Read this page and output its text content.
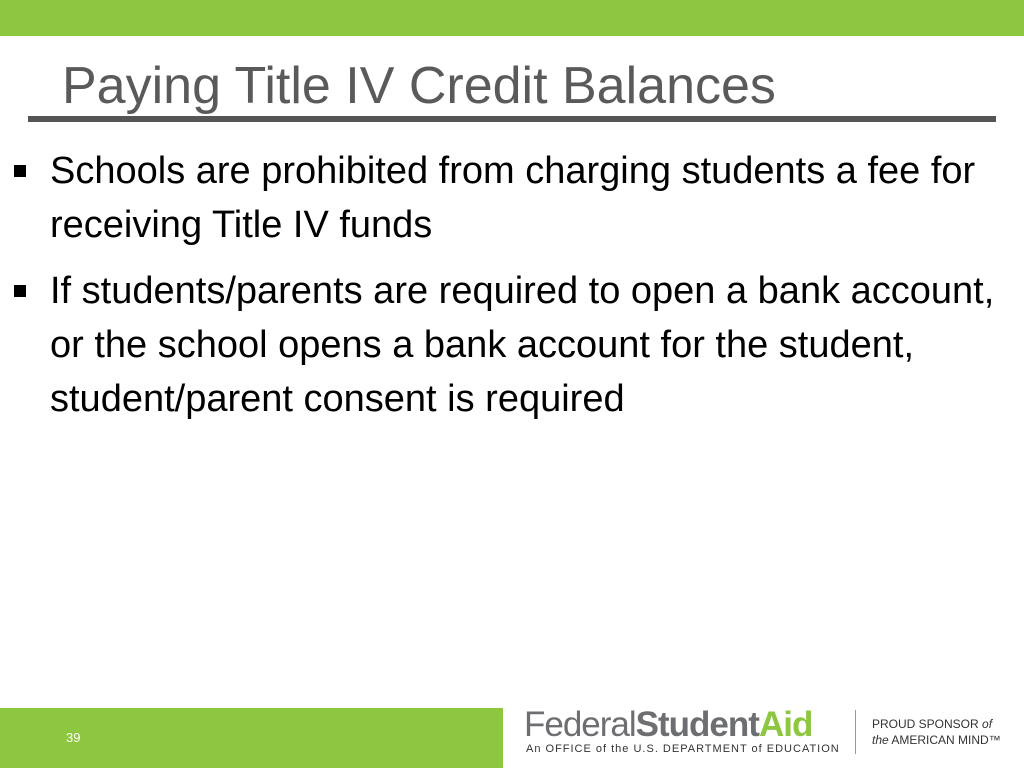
Paying Title IV Credit Balances
Schools are prohibited from charging students a fee for receiving Title IV funds
If students/parents are required to open a bank account, or the school opens a bank account for the student, student/parent consent is required
39	FederalStudentAid
An OFFICE of the U.S. DEPARTMENT of EDUCATION
PROUD SPONSOR of
the AMERICAN MIND™
